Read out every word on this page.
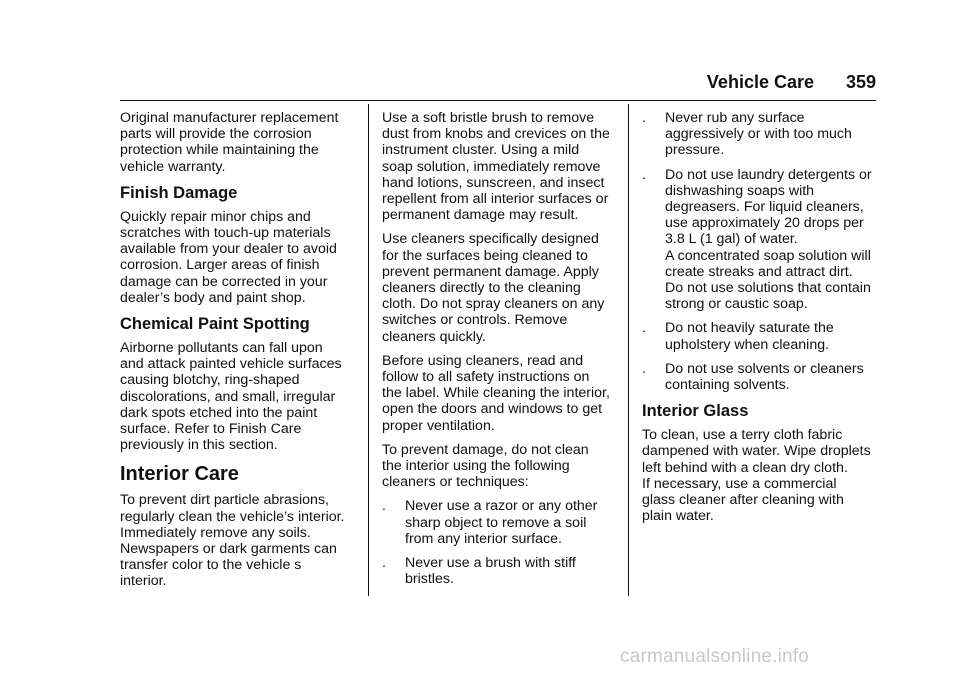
Vehicle Care 359
Original manufacturer replacement
parts will provide the corrosion
protection while maintaining the
vehicle warranty.
Finish Damage
Quickly repair minor chips and
scratches with touch-up materials
available from your dealer to avoid
corrosion. Larger areas of finish
damage can be corrected in your
dealer’s body and paint shop.
Chemical Paint Spotting
Airborne pollutants can fall upon
and attack painted vehicle surfaces
causing blotchy, ring-shaped
discolorations, and small, irregular
dark spots etched into the paint
surface. Refer to Finish Care
previously in this section.
Interior Care
To prevent dirt particle abrasions,
regularly clean the vehicle’s interior.
Immediately remove any soils.
Newspapers or dark garments can
transfer color to the vehicle s
interior.
Use a soft bristle brush to remove
dust from knobs and crevices on the
instrument cluster. Using a mild
soap solution, immediately remove
hand lotions, sunscreen, and insect
repellent from all interior surfaces or
permanent damage may result.
Use cleaners specifically designed
for the surfaces being cleaned to
prevent permanent damage. Apply
cleaners directly to the cleaning
cloth. Do not spray cleaners on any
switches or controls. Remove
cleaners quickly.
Before using cleaners, read and
follow to all safety instructions on
the label. While cleaning the interior,
open the doors and windows to get
proper ventilation.
To prevent damage, do not clean
the interior using the following
cleaners or techniques:
. Never use a razor or any other
sharp object to remove a soil
from any interior surface.
. Never use a brush with stiff
bristles.
. Never rub any surface
aggressively or with too much
pressure.
. Do not use laundry detergents or
dishwashing soaps with
degreasers. For liquid cleaners,
use approximately 20 drops per
3.8 L (1 gal) of water.
A concentrated soap solution will
create streaks and attract dirt.
Do not use solutions that contain
strong or caustic soap.
. Do not heavily saturate the
upholstery when cleaning.
. Do not use solvents or cleaners
containing solvents.
Interior Glass
To clean, use a terry cloth fabric
dampened with water. Wipe droplets
left behind with a clean dry cloth.
If necessary, use a commercial
glass cleaner after cleaning with
plain water.
carmanualsonline.info
